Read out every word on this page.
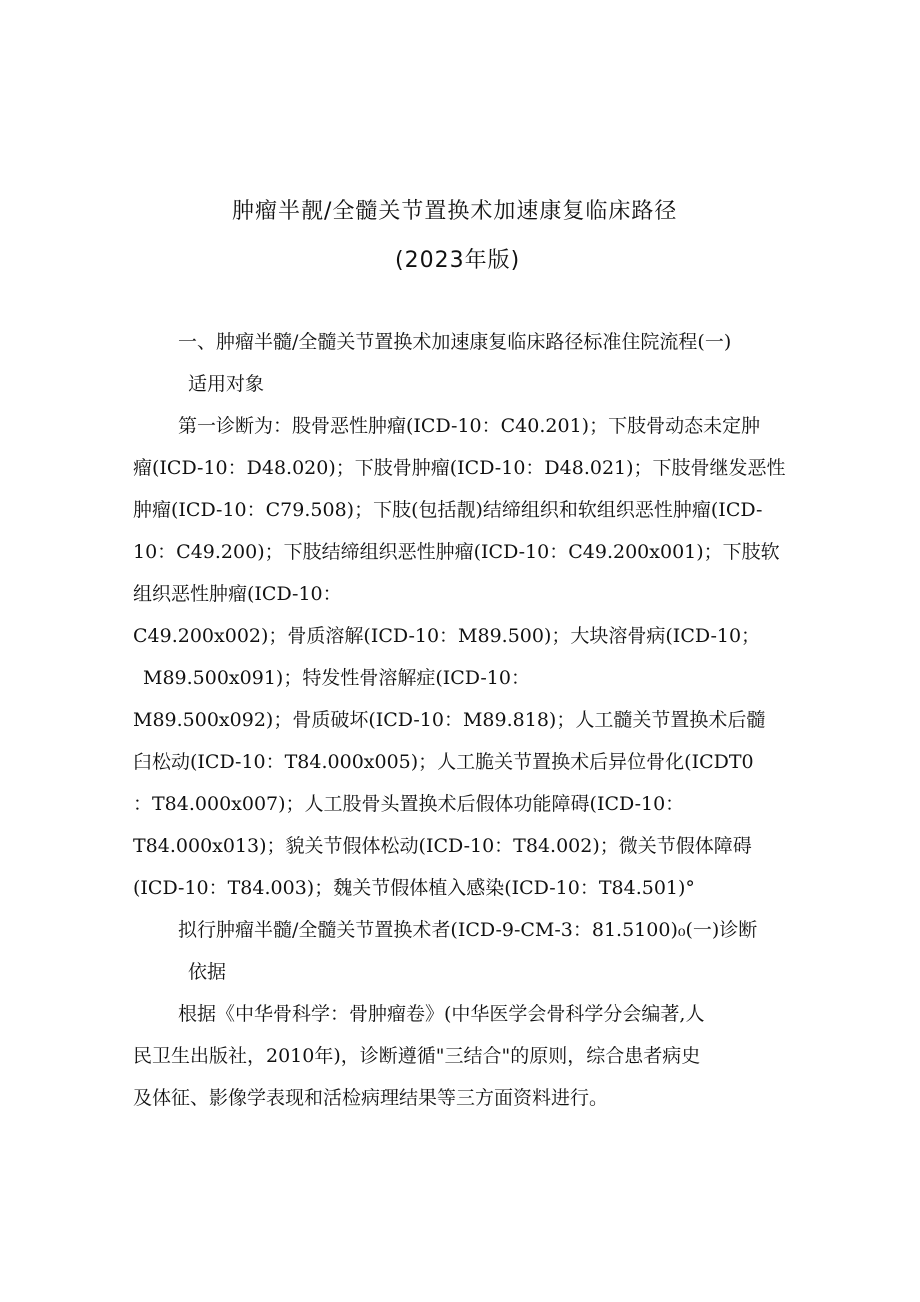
肿瘤半靓/全髓关节置换术加速康复临床路径
(2023年版)
一、肿瘤半髓/全髓关节置换术加速康复临床路径标准住院流程(一)
适用对象
第一诊断为：股骨恶性肿瘤(ICD-10：C40.201)；下肢骨动态未定肿
瘤(ICD-10：D48.020)；下肢骨肿瘤(ICD-10：D48.021)；下肢骨继发恶性
肿瘤(ICD-10：C79.508)；下肢(包括靓)结缔组织和软组织恶性肿瘤(ICD-
10：C49.200)；下肢结缔组织恶性肿瘤(ICD-10：C49.200x001)；下肢软
组织恶性肿瘤(ICD-10：
C49.200x002)；骨质溶解(ICD-10：M89.500)；大块溶骨病(ICD-10；
M89.500x091)；特发性骨溶解症(ICD-10：
M89.500x092)；骨质破坏(ICD-10：M89.818)；人工髓关节置换术后髓
臼松动(ICD-10：T84.000x005)；人工脆关节置换术后异位骨化(ICDT0
：T84.000x007)；人工股骨头置换术后假体功能障碍(ICD-10：
T84.000x013)；貌关节假体松动(ICD-10：T84.002)；微关节假体障碍
(ICD-10：T84.003)；魏关节假体植入感染(ICD-10：T84.501)°
拟行肿瘤半髓/全髓关节置换术者(ICD-9-CM-3：81.5100)₀(一)诊断
依据
根据《中华骨科学：骨肿瘤卷》(中华医学会骨科学分会编著,人
民卫生出版社，2010年)，诊断遵循"三结合"的原则，综合患者病史
及体征、影像学表现和活检病理结果等三方面资料进行。
